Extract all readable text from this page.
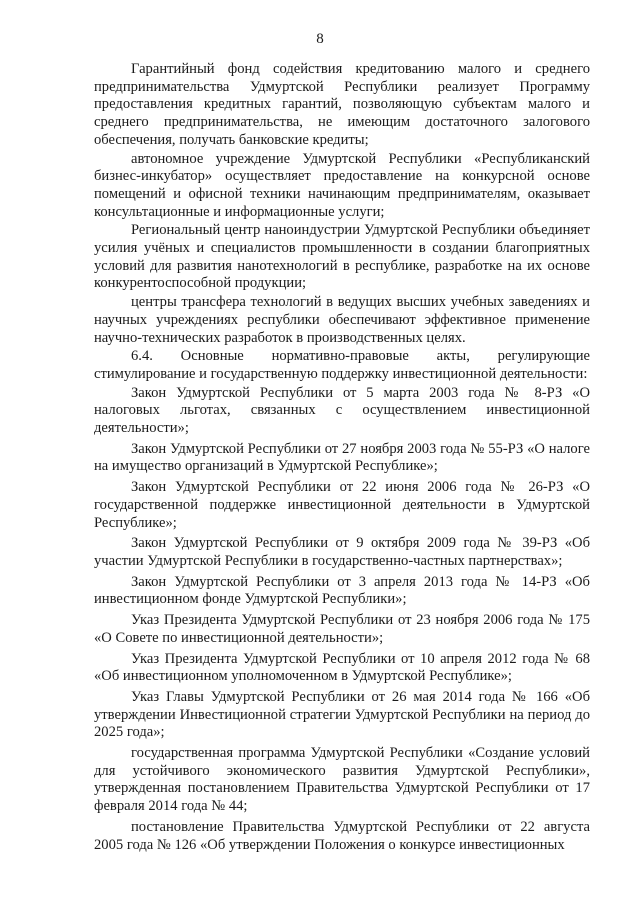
8

Гарантийный фонд содействия кредитованию малого и среднего предпринимательства Удмуртской Республики реализует Программу предоставления кредитных гарантий, позволяющую субъектам малого и среднего предпринимательства, не имеющим достаточного залогового обеспечения, получать банковские кредиты;

автономное учреждение Удмуртской Республики «Республиканский бизнес-инкубатор» осуществляет предоставление на конкурсной основе помещений и офисной техники начинающим предпринимателям, оказывает консультационные и информационные услуги;

Региональный центр наноиндустрии Удмуртской Республики объединяет усилия учёных и специалистов промышленности в создании благоприятных условий для развития нанотехнологий в республике, разработке на их основе конкурентоспособной продукции;

центры трансфера технологий в ведущих высших учебных заведениях и научных учреждениях республики обеспечивают эффективное применение научно-технических разработок в производственных целях.

6.4. Основные нормативно-правовые акты, регулирующие стимулирование и государственную поддержку инвестиционной деятельности:

Закон Удмуртской Республики от 5 марта 2003 года № 8-РЗ «О налоговых льготах, связанных с осуществлением инвестиционной деятельности»;

Закон Удмуртской Республики от 27 ноября 2003 года № 55-РЗ «О налоге на имущество организаций в Удмуртской Республике»;

Закон Удмуртской Республики от 22 июня 2006 года № 26-РЗ «О государственной поддержке инвестиционной деятельности в Удмуртской Республике»;

Закон Удмуртской Республики от 9 октября 2009 года № 39-РЗ «Об участии Удмуртской Республики в государственно-частных партнерствах»;

Закон Удмуртской Республики от 3 апреля 2013 года № 14-РЗ «Об инвестиционном фонде Удмуртской Республики»;

Указ Президента Удмуртской Республики от 23 ноября 2006 года № 175 «О Совете по инвестиционной деятельности»;

Указ Президента Удмуртской Республики от 10 апреля 2012 года № 68 «Об инвестиционном уполномоченном в Удмуртской Республике»;

Указ Главы Удмуртской Республики от 26 мая 2014 года № 166 «Об утверждении Инвестиционной стратегии Удмуртской Республики на период до 2025 года»;

государственная программа Удмуртской Республики «Создание условий для устойчивого экономического развития Удмуртской Республики», утвержденная постановлением Правительства Удмуртской Республики от 17 февраля 2014 года № 44;

постановление Правительства Удмуртской Республики от 22 августа 2005 года № 126 «Об утверждении Положения о конкурсе инвестиционных
